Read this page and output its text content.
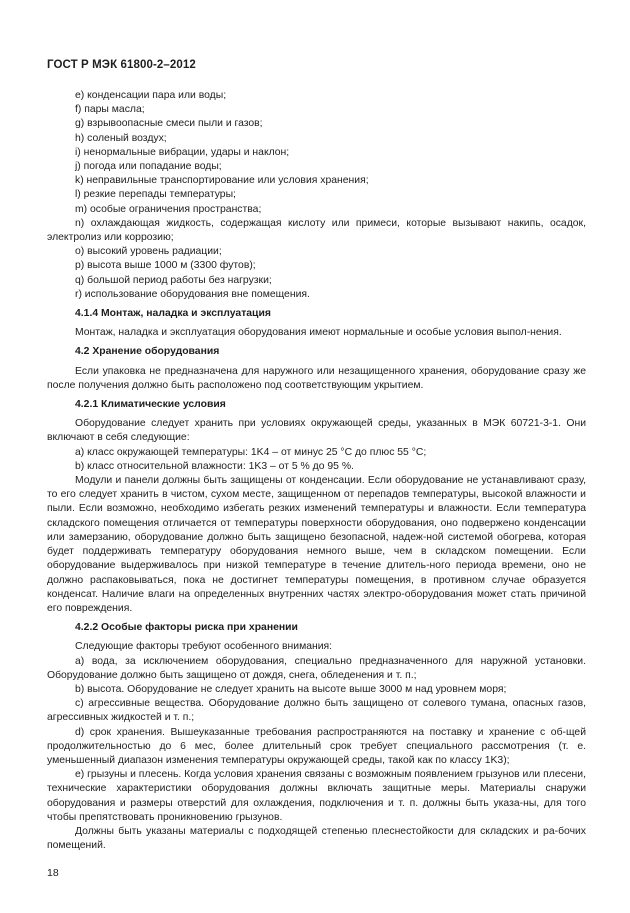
ГОСТ Р МЭК 61800-2–2012

e) конденсации пара или воды;

f) пары масла;

g) взрывоопасные смеси пыли и газов;

h) соленый воздух;

i) ненормальные вибрации, удары и наклон;

j) погода или попадание воды;

k) неправильные транспортирование или условия хранения;

l) резкие перепады температуры;

m) особые ограничения пространства;

n) охлаждающая жидкость, содержащая кислоту или примеси, которые вызывают накипь, осадок, электролиз или коррозию;

o) высокий уровень радиации;

p) высота выше 1000 м (3300 футов);

q) большой период работы без нагрузки;

r) использование оборудования вне помещения.

4.1.4 Монтаж, наладка и эксплуатация

Монтаж, наладка и эксплуатация оборудования имеют нормальные и особые условия выпол-нения.

4.2 Хранение оборудования

Если упаковка не предназначена для наружного или незащищенного хранения, оборудование сразу же после получения должно быть расположено под соответствующим укрытием.

4.2.1 Климатические условия

Оборудование следует хранить при условиях окружающей среды, указанных в МЭК 60721-3-1. Они включают в себя следующие:

a) класс окружающей температуры: 1K4 – от минус 25 °C до плюс 55 °C;

b) класс относительной влажности: 1K3 – от 5 % до 95 %.

Модули и панели должны быть защищены от конденсации. Если оборудование не устанавливают сразу, то его следует хранить в чистом, сухом месте, защищенном от перепадов температуры, высокой влажности и пыли. Если возможно, необходимо избегать резких изменений температуры и влажности. Если температура складского помещения отличается от температуры поверхности оборудования, оно подвержено конденсации или замерзанию, оборудование должно быть защищено безопасной, надеж-ной системой обогрева, которая будет поддерживать температуру оборудования немного выше, чем в складском помещении. Если оборудование выдерживалось при низкой температуре в течение длитель-ного периода времени, оно не должно распаковываться, пока не достигнет температуры помещения, в противном случае образуется конденсат. Наличие влаги на определенных внутренних частях электро-оборудования может стать причиной его повреждения.

4.2.2 Особые факторы риска при хранении

Следующие факторы требуют особенного внимания:

a) вода, за исключением оборудования, специально предназначенного для наружной установки. Оборудование должно быть защищено от дождя, снега, обледенения и т. п.;

b) высота. Оборудование не следует хранить на высоте выше 3000 м над уровнем моря;

c) агрессивные вещества. Оборудование должно быть защищено от солевого тумана, опасных газов, агрессивных жидкостей и т. п.;

d) срок хранения. Вышеуказанные требования распространяются на поставку и хранение с об-щей продолжительностью до 6 мес, более длительный срок требует специального рассмотрения (т. е. уменьшенный диапазон изменения температуры окружающей среды, такой как по классу 1K3);

e) грызуны и плесень. Когда условия хранения связаны с возможным появлением грызунов или плесени, технические характеристики оборудования должны включать защитные меры. Материалы снаружи оборудования и размеры отверстий для охлаждения, подключения и т. п. должны быть указа-ны, для того чтобы препятствовать проникновению грызунов.

Должны быть указаны материалы с подходящей степенью плеснестойкости для складских и ра-бочих помещений.

18
